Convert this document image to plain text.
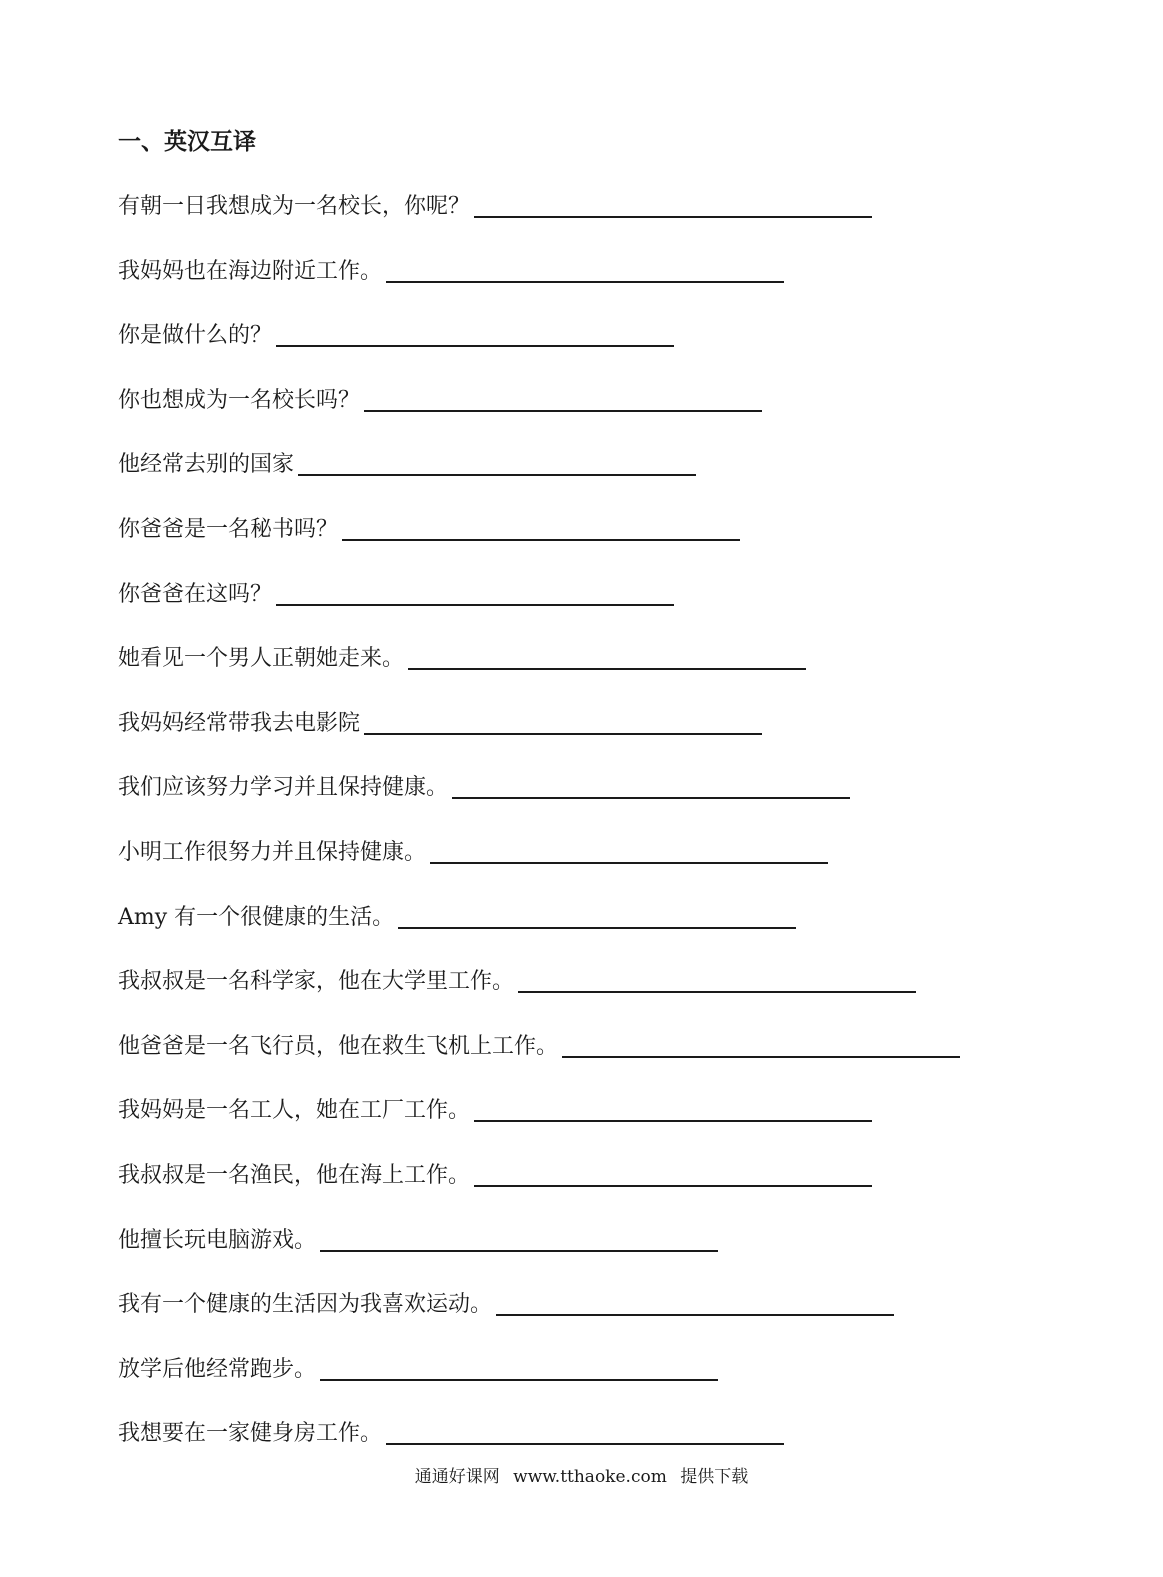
一、英汉互译
有朝一日我想成为一名校长，你呢？
我妈妈也在海边附近工作。
你是做什么的？
你也想成为一名校长吗？
他经常去别的国家
你爸爸是一名秘书吗？
你爸爸在这吗？
她看见一个男人正朝她走来。
我妈妈经常带我去电影院
我们应该努力学习并且保持健康。
小明工作很努力并且保持健康。
Amy 有一个很健康的生活。
我叔叔是一名科学家，他在大学里工作。
他爸爸是一名飞行员，他在救生飞机上工作。
我妈妈是一名工人，她在工厂工作。
我叔叔是一名渔民，他在海上工作。
他擅长玩电脑游戏。
我有一个健康的生活因为我喜欢运动。
放学后他经常跑步。
我想要在一家健身房工作。
通通好课网 www.tthaoke.com 提供下载
